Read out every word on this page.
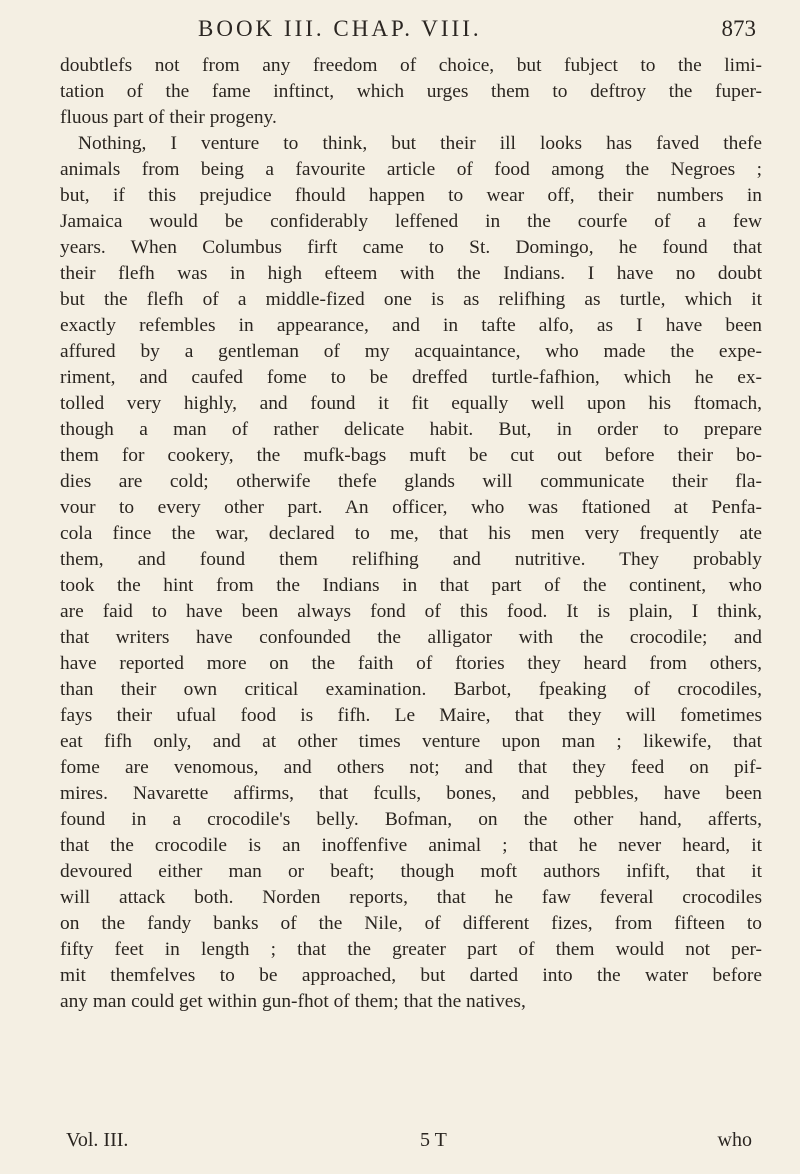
BOOK III. CHAP. VIII.	873
doubtlefs not from any freedom of choice, but fubject to the limi-
tation of the fame inftinct, which urges them to deftroy the fuper-
fluous part of their progeny.
Nothing, I venture to think, but their ill looks has faved thefe
animals from being a favourite article of food among the Negroes ;
but, if this prejudice fhould happen to wear off, their numbers in
Jamaica would be confiderably leffened in the courfe of a few
years. When Columbus firft came to St. Domingo, he found that
their flefh was in high efteem with the Indians. I have no doubt
but the flefh of a middle-fized one is as relifhing as turtle, which it
exactly refembles in appearance, and in tafte alfo, as I have been
affured by a gentleman of my acquaintance, who made the expe-
riment, and caufed fome to be dreffed turtle-fafhion, which he ex-
tolled very highly, and found it fit equally well upon his ftomach,
though a man of rather delicate habit. But, in order to prepare
them for cookery, the mufk-bags muft be cut out before their bo-
dies are cold; otherwife thefe glands will communicate their fla-
vour to every other part. An officer, who was ftationed at Penfa-
cola fince the war, declared to me, that his men very frequently ate
them, and found them relifhing and nutritive. They probably
took the hint from the Indians in that part of the continent, who
are faid to have been always fond of this food. It is plain, I think,
that writers have confounded the alligator with the crocodile; and
have reported more on the faith of ftories they heard from others,
than their own critical examination. Barbot, fpeaking of crocodiles,
fays their ufual food is fifh. Le Maire, that they will fometimes
eat fifh only, and at other times venture upon man ; likewife, that
fome are venomous, and others not; and that they feed on pif-
mires. Navarette affirms, that fculls, bones, and pebbles, have been
found in a crocodile's belly. Bofman, on the other hand, afferts,
that the crocodile is an inoffenfive animal ; that he never heard, it
devoured either man or beaft; though moft authors infift, that it
will attack both. Norden reports, that he faw feveral crocodiles
on the fandy banks of the Nile, of different fizes, from fifteen to
fifty feet in length ; that the greater part of them would not per-
mit themfelves to be approached, but darted into the water before
any man could get within gun-fhot of them; that the natives,
Vol. III.	5 T	who
